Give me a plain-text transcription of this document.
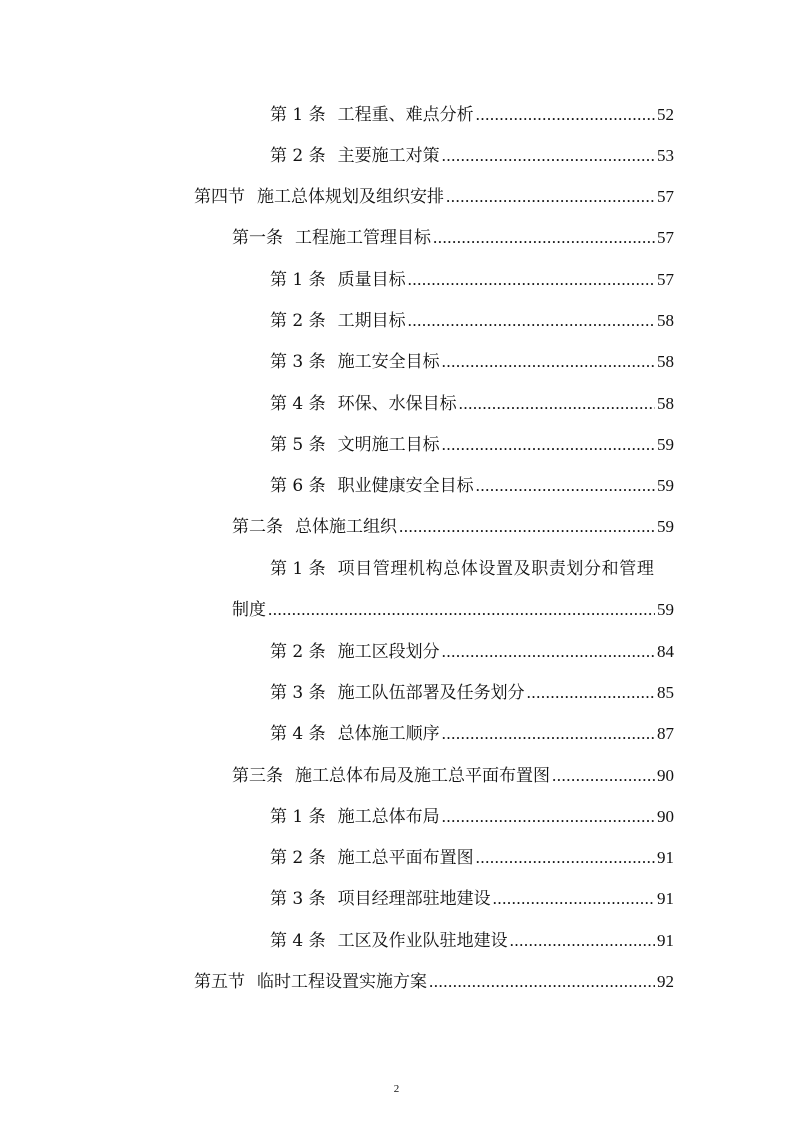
第 1 条 工程重、难点分析 .....	52
第 2 条 主要施工对策 .....	53
第四节 施工总体规划及组织安排 .....	57
第一条 工程施工管理目标 .....	57
第 1 条 质量目标 .....	57
第 2 条 工期目标 .....	58
第 3 条 施工安全目标 .....	58
第 4 条 环保、水保目标 .....	58
第 5 条 文明施工目标 .....	59
第 6 条 职业健康安全目标 .....	59
第二条 总体施工组织 .....	59
第 1 条 项目管理机构总体设置及职责划分和管理
制度 .....	59
第 2 条 施工区段划分 .....	84
第 3 条 施工队伍部署及任务划分 .....	85
第 4 条 总体施工顺序 .....	87
第三条 施工总体布局及施工总平面布置图 .....	90
第 1 条 施工总体布局 .....	90
第 2 条 施工总平面布置图 .....	91
第 3 条 项目经理部驻地建设 .....	91
第 4 条 工区及作业队驻地建设 .....	91
第五节 临时工程设置实施方案 .....	92
2
